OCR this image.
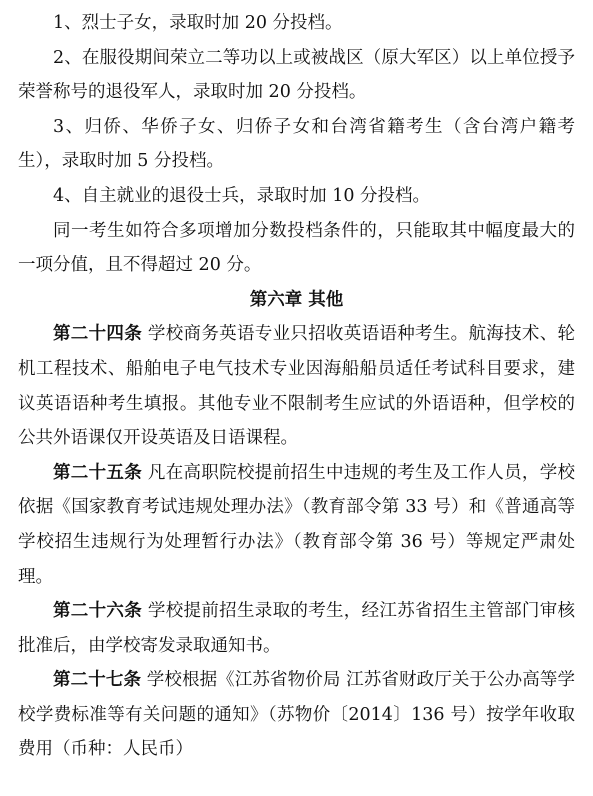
1、烈士子女，录取时加 20 分投档。

2、在服役期间荣立二等功以上或被战区（原大军区）以上单位授予荣誉称号的退役军人，录取时加 20 分投档。

3、归侨、华侨子女、归侨子女和台湾省籍考生（含台湾户籍考生），录取时加 5 分投档。

4、自主就业的退役士兵，录取时加 10 分投档。

同一考生如符合多项增加分数投档条件的，只能取其中幅度最大的一项分值，且不得超过 20 分。

第六章 其他

第二十四条 学校商务英语专业只招收英语语种考生。航海技术、轮机工程技术、船舶电子电气技术专业因海船船员适任考试科目要求，建议英语语种考生填报。其他专业不限制考生应试的外语语种，但学校的公共外语课仅开设英语及日语课程。

第二十五条 凡在高职院校提前招生中违规的考生及工作人员，学校依据《国家教育考试违规处理办法》（教育部令第 33 号）和《普通高等学校招生违规行为处理暂行办法》（教育部令第 36 号）等规定严肃处理。

第二十六条 学校提前招生录取的考生，经江苏省招生主管部门审核批准后，由学校寄发录取通知书。

第二十七条 学校根据《江苏省物价局 江苏省财政厅关于公办高等学校学费标准等有关问题的通知》（苏物价〔2014〕136 号）按学年收取费用（币种：人民币）
